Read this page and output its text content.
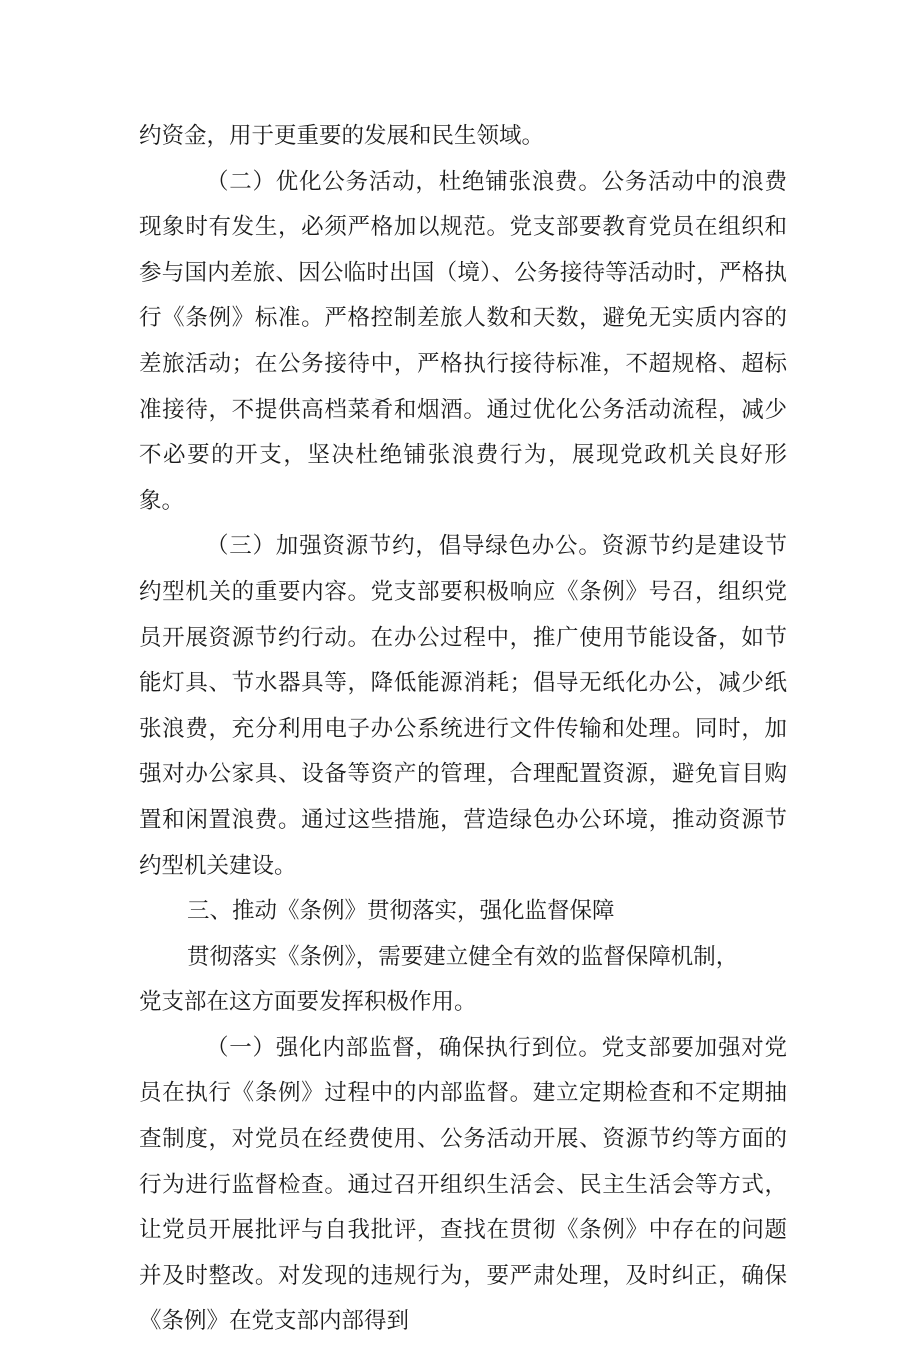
约资金，用于更重要的发展和民生领域。

（二）优化公务活动，杜绝铺张浪费。公务活动中的浪费现象时有发生，必须严格加以规范。党支部要教育党员在组织和参与国内差旅、因公临时出国（境）、公务接待等活动时，严格执行《条例》标准。严格控制差旅人数和天数，避免无实质内容的差旅活动；在公务接待中，严格执行接待标准，不超规格、超标准接待，不提供高档菜肴和烟酒。通过优化公务活动流程，减少不必要的开支，坚决杜绝铺张浪费行为，展现党政机关良好形象。

（三）加强资源节约，倡导绿色办公。资源节约是建设节约型机关的重要内容。党支部要积极响应《条例》号召，组织党员开展资源节约行动。在办公过程中，推广使用节能设备，如节能灯具、节水器具等，降低能源消耗；倡导无纸化办公，减少纸张浪费，充分利用电子办公系统进行文件传输和处理。同时，加强对办公家具、设备等资产的管理，合理配置资源，避免盲目购置和闲置浪费。通过这些措施，营造绿色办公环境，推动资源节约型机关建设。

三、推动《条例》贯彻落实，强化监督保障
贯彻落实《条例》，需要建立健全有效的监督保障机制，
党支部在这方面要发挥积极作用。

（一）强化内部监督，确保执行到位。党支部要加强对党员在执行《条例》过程中的内部监督。建立定期检查和不定期抽查制度，对党员在经费使用、公务活动开展、资源节约等方面的行为进行监督检查。通过召开组织生活会、民主生活会等方式，让党员开展批评与自我批评，查找在贯彻《条例》中存在的问题并及时整改。对发现的违规行为，要严肃处理，及时纠正，确保《条例》在党支部内部得到
